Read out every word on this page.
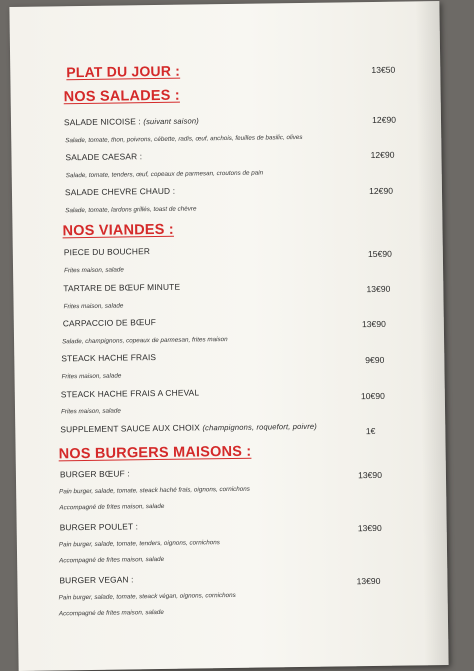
PLAT DU JOUR :	13€50
NOS SALADES :
SALADE NICOISE : (suivant saison)	12€90
Salade, tomate, thon, poivrons, cébette, radis, œuf, anchois, feuilles de basilic, olives
SALADE CAESAR :	12€90
Salade, tomate, tenders, œuf, copeaux de parmesan, croutons de pain
SALADE CHEVRE CHAUD :	12€90
Salade, tomate, lardons grillés, toast de chèvre
NOS VIANDES :
PIECE DU BOUCHER	15€90
Frites maison, salade
TARTARE DE BŒUF MINUTE	13€90
Frites maison, salade
CARPACCIO DE BŒUF	13€90
Salade, champignons, copeaux de parmesan, frites maison
STEACK HACHE FRAIS	9€90
Frites maison, salade
STEACK HACHE FRAIS A CHEVAL	10€90
Frites maison, salade
SUPPLEMENT SAUCE AUX CHOIX (champignons, roquefort, poivre)	1€
NOS BURGERS MAISONS :
BURGER BŒUF :	13€90
Pain burger, salade, tomate, steack haché frais, oignons, cornichons
Accompagné de frites maison, salade
BURGER POULET :	13€90
Pain burger, salade, tomate, tenders, oignons, cornichons
Accompagné de frites maison, salade
BURGER VEGAN :	13€90
Pain burger, salade, tomate, steack végan, oignons, cornichons
Accompagné de frites maison, salade
